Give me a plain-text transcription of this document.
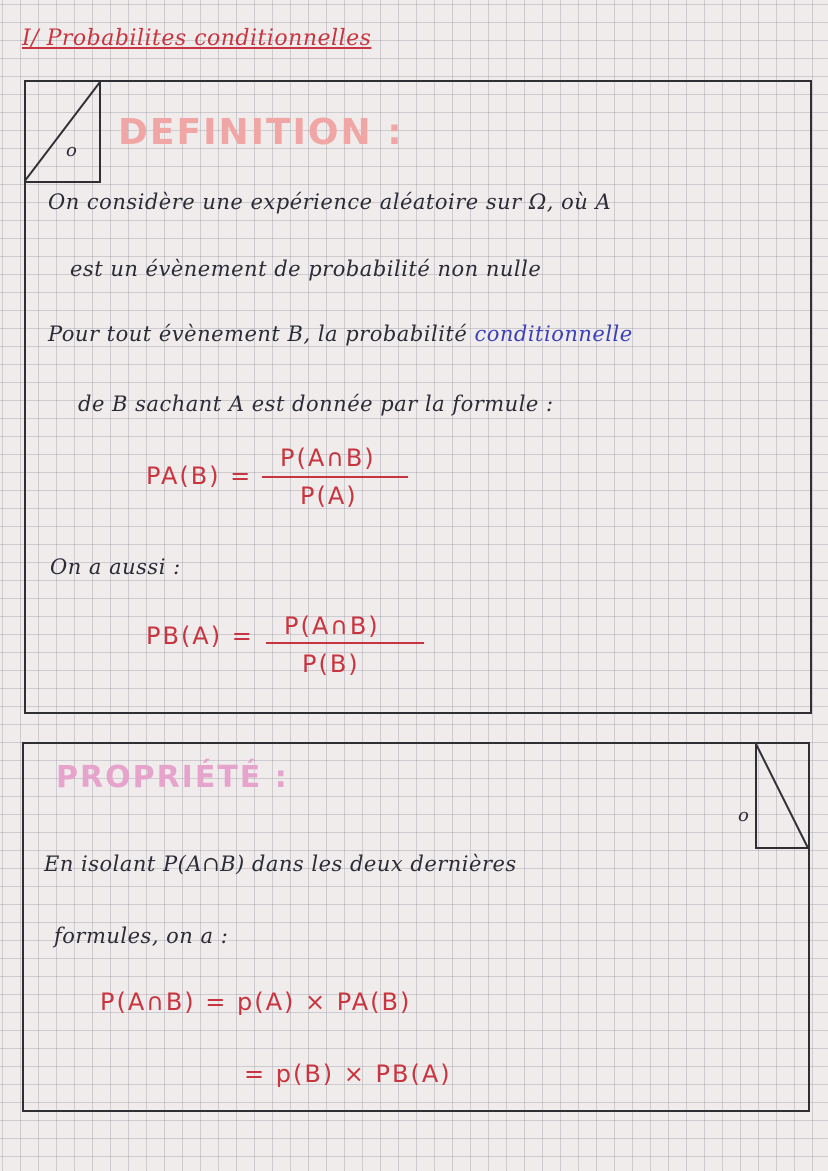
I/ Probabilites conditionnelles
o DEFINITION :
On considère une expérience aléatoire sur Ω, où A
est un évènement de probabilité non nulle
Pour tout évènement B, la probabilité conditionnelle
de B sachant A est donnée par la formule :
PA(B) =
P(A∩B)
P(A)
On a aussi :
PB(A) = P(A∩B)
P(B)
o
PROPRIÉTÉ :
En isolant P(A∩B) dans les deux dernières
formules, on a :
P(A∩B) = p(A) × PA(B)
= p(B) × PB(A)
